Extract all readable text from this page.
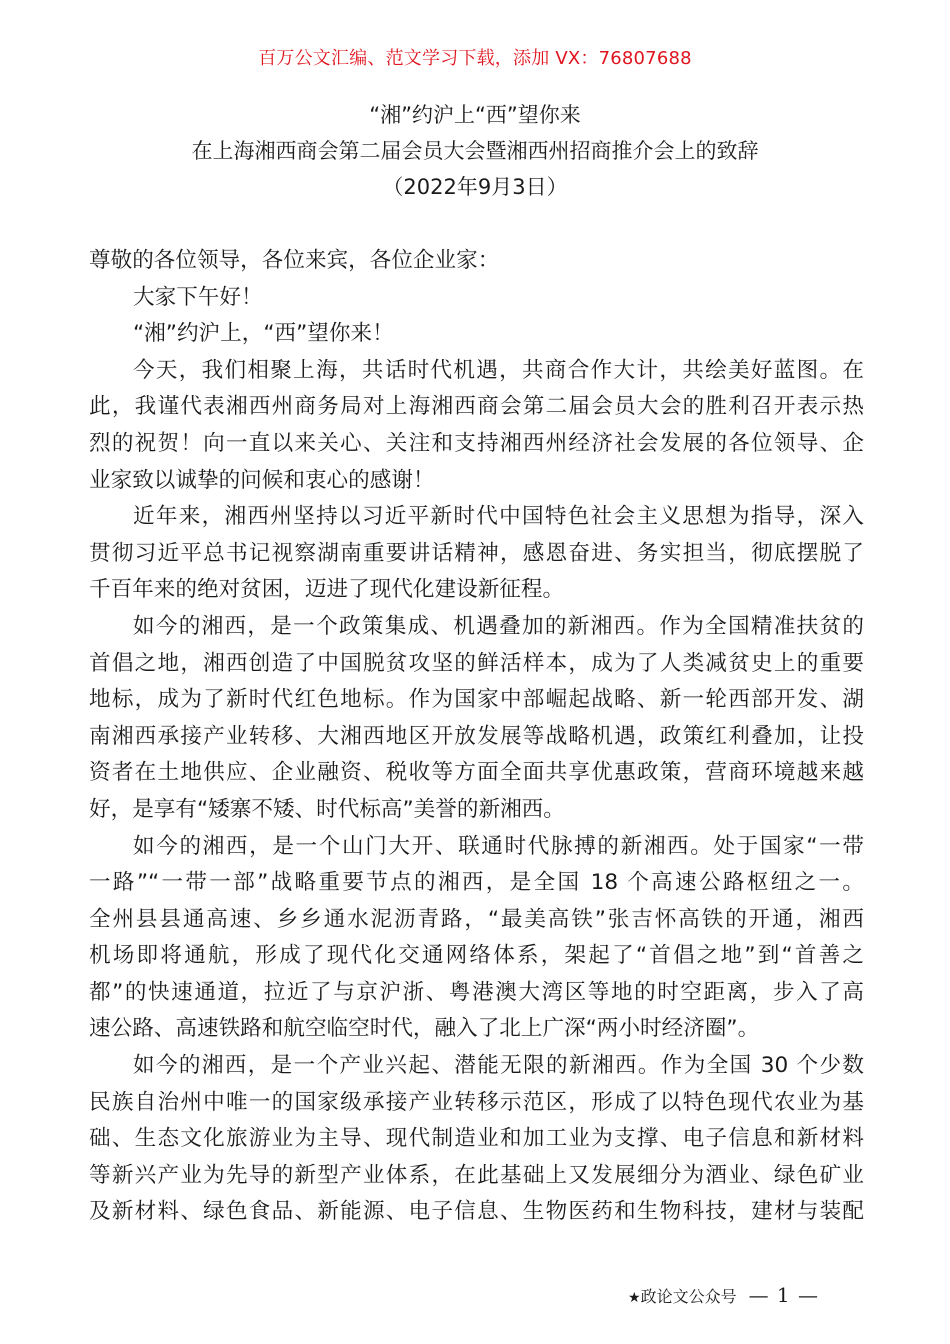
百万公文汇编、范文学习下载，添加 VX：76807688
“湘”约沪上“西”望你来
在上海湘西商会第二届会员大会暨湘西州招商推介会上的致辞
（2022年9月3日）
尊敬的各位领导，各位来宾，各位企业家：
大家下午好！
“湘”约沪上，“西”望你来！
今天，我们相聚上海，共话时代机遇，共商合作大计，共绘美好蓝图。在
此，我谨代表湘西州商务局对上海湘西商会第二届会员大会的胜利召开表示热
烈的祝贺！向一直以来关心、关注和支持湘西州经济社会发展的各位领导、企
业家致以诚挚的问候和衷心的感谢！
近年来，湘西州坚持以习近平新时代中国特色社会主义思想为指导，深入
贯彻习近平总书记视察湖南重要讲话精神，感恩奋进、务实担当，彻底摆脱了
千百年来的绝对贫困，迈进了现代化建设新征程。
如今的湘西，是一个政策集成、机遇叠加的新湘西。作为全国精准扶贫的
首倡之地，湘西创造了中国脱贫攻坚的鲜活样本，成为了人类减贫史上的重要
地标，成为了新时代红色地标。作为国家中部崛起战略、新一轮西部开发、湖
南湘西承接产业转移、大湘西地区开放发展等战略机遇，政策红利叠加，让投
资者在土地供应、企业融资、税收等方面全面共享优惠政策，营商环境越来越
好，是享有“矮寨不矮、时代标高”美誉的新湘西。
如今的湘西，是一个山门大开、联通时代脉搏的新湘西。处于国家“一带
一路”“一带一部”战略重要节点的湘西，是全国 18 个高速公路枢纽之一。
全州县县通高速、乡乡通水泥沥青路，“最美高铁”张吉怀高铁的开通，湘西
机场即将通航，形成了现代化交通网络体系，架起了“首倡之地”到“首善之
都”的快速通道，拉近了与京沪浙、粤港澳大湾区等地的时空距离，步入了高
速公路、高速铁路和航空临空时代，融入了北上广深“两小时经济圈”。
如今的湘西，是一个产业兴起、潜能无限的新湘西。作为全国 30 个少数
民族自治州中唯一的国家级承接产业转移示范区，形成了以特色现代农业为基
础、生态文化旅游业为主导、现代制造业和加工业为支撑、电子信息和新材料
等新兴产业为先导的新型产业体系，在此基础上又发展细分为酒业、绿色矿业
及新材料、绿色食品、新能源、电子信息、生物医药和生物科技，建材与装配
★政论文公众号 — 1 —
